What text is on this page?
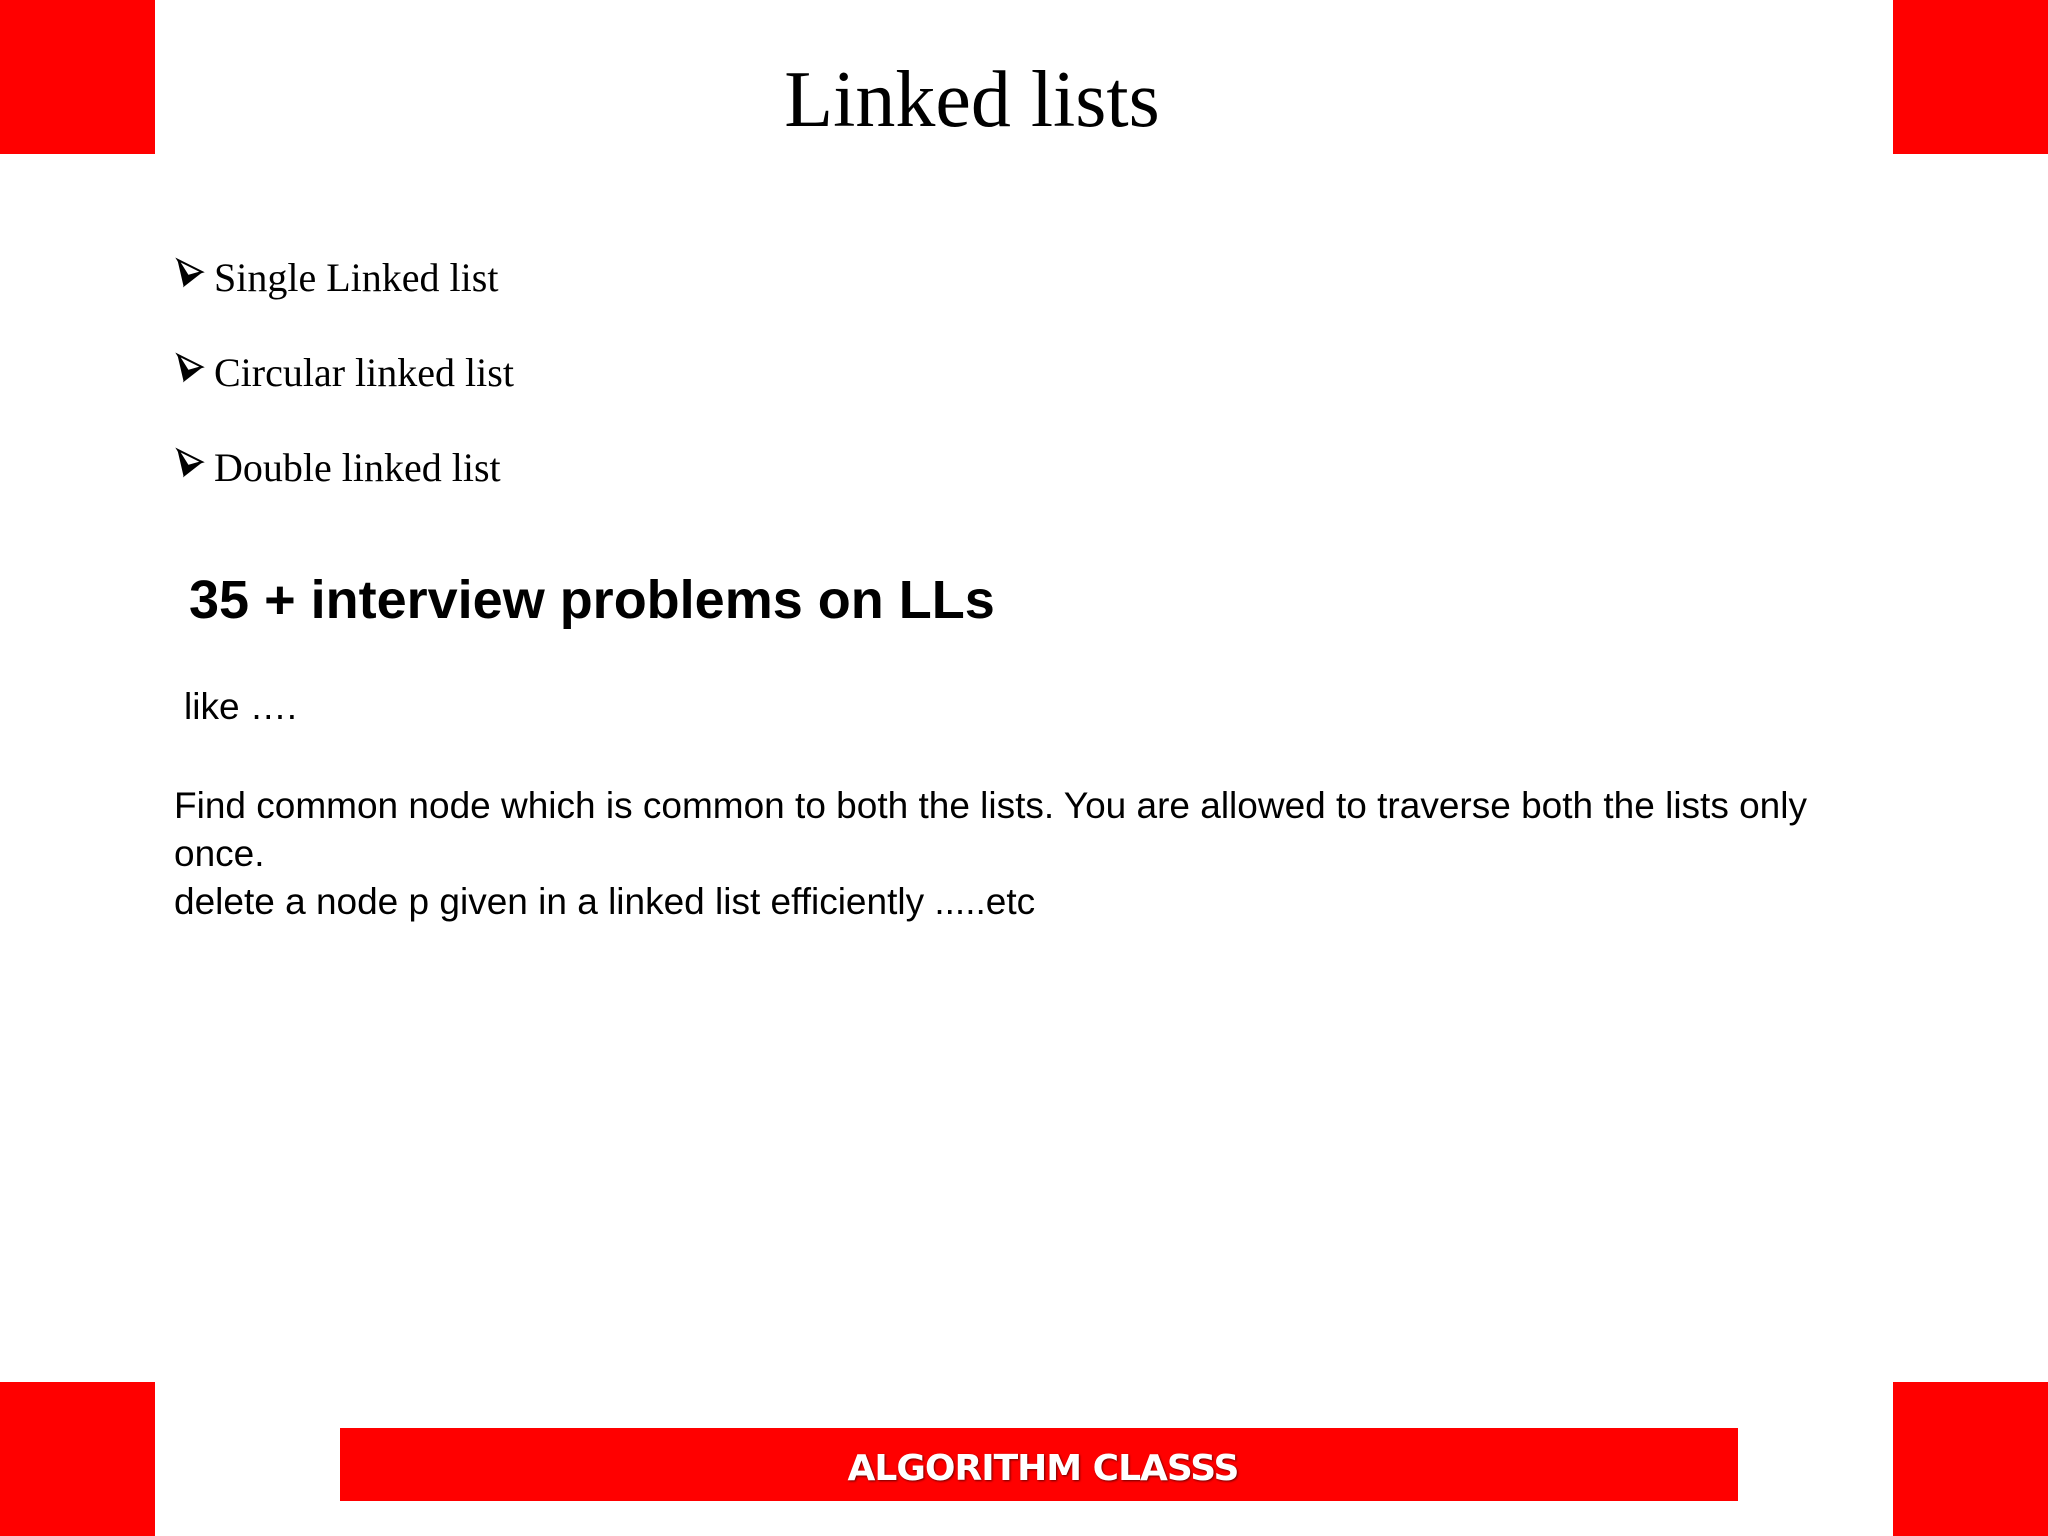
Linked lists
Single Linked list
Circular linked list
Double linked list
35 + interview problems on LLs
like ….

Find common node which is common to both the lists. You are allowed to traverse both the lists only once.

delete a node p given in a linked list efficiently .....etc

ALGORITHM CLASSS
